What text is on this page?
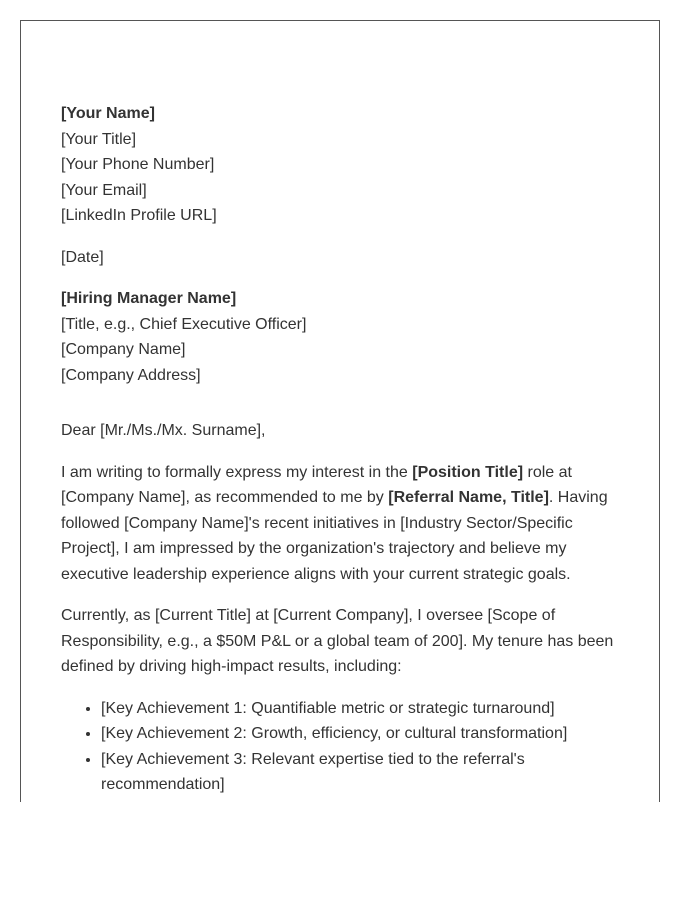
[Your Name]
[Your Title]
[Your Phone Number]
[Your Email]
[LinkedIn Profile URL]
[Date]
[Hiring Manager Name]
[Title, e.g., Chief Executive Officer]
[Company Name]
[Company Address]
Dear [Mr./Ms./Mx. Surname],

I am writing to formally express my interest in the [Position Title] role at [Company Name], as recommended to me by [Referral Name, Title]. Having followed [Company Name]'s recent initiatives in [Industry Sector/Specific Project], I am impressed by the organization's trajectory and believe my executive leadership experience aligns with your current strategic goals.

Currently, as [Current Title] at [Current Company], I oversee [Scope of Responsibility, e.g., a $50M P&L or a global team of 200]. My tenure has been defined by driving high-impact results, including:

• [Key Achievement 1: Quantifiable metric or strategic turnaround]
• [Key Achievement 2: Growth, efficiency, or cultural transformation]
• [Key Achievement 3: Relevant expertise tied to the referral's recommendation]
